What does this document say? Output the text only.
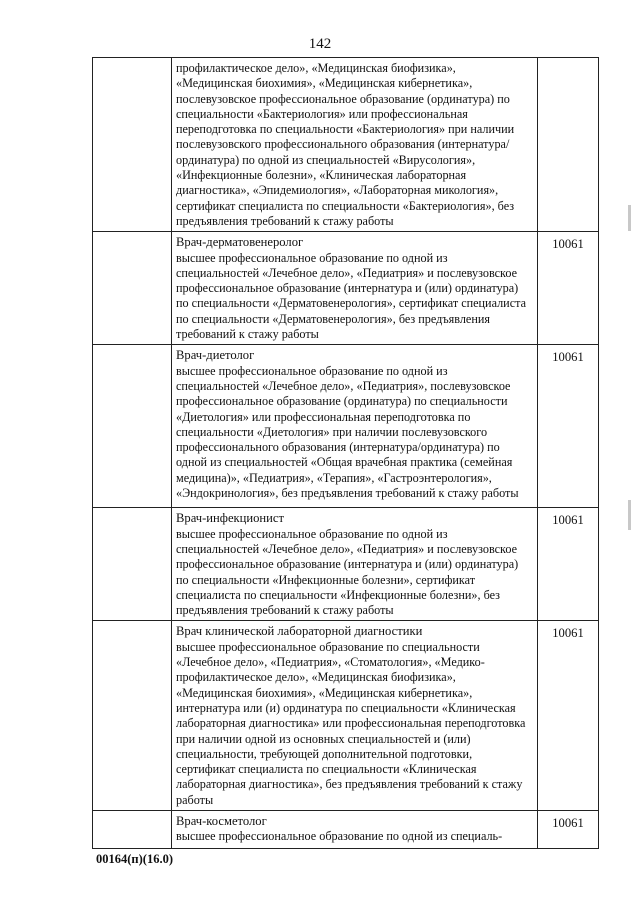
142

	профилактическое дело», «Медицинская биофизика», «Медицинская биохимия», «Медицинская кибернетика», послевузовское профессиональное образование (ординатура) по специальности «Бактериология» или профессиональная переподготовка по специальности «Бактериология» при наличии послевузовского профессионального образования (интернатура/ординатура) по одной из специальностей «Вирусология», «Инфекционные болезни», «Клиническая лабораторная диагностика», «Эпидемиология», «Лабораторная микология», сертификат специалиста по специальности «Бактериология», без предъявления требований к стажу работы	

	Врач-дерматовенеролог
высшее профессиональное образование по одной из специальностей «Лечебное дело», «Педиатрия» и послевузовское профессиональное образование (интернатура и (или) ординатура) по специальности «Дерматовенерология», сертификат специалиста по специальности «Дерматовенерология», без предъявления требований к стажу работы	10061

	Врач-диетолог
высшее профессиональное образование по одной из специальностей «Лечебное дело», «Педиатрия», послевузовское профессиональное образование (ординатура) по специальности «Диетология» или профессиональная переподготовка по специальности «Диетология» при наличии послевузовского профессионального образования (интернатура/ординатура) по одной из специальностей «Общая врачебная практика (семейная медицина)», «Педиатрия», «Терапия», «Гастроэнтерология», «Эндокринология», без предъявления требований к стажу работы	10061

	Врач-инфекционист
высшее профессиональное образование по одной из специальностей «Лечебное дело», «Педиатрия» и послевузовское профессиональное образование (интернатура и (или) ординатура) по специальности «Инфекционные болезни», сертификат специалиста по специальности «Инфекционные болезни», без предъявления требований к стажу работы	10061

	Врач клинической лабораторной диагностики
высшее профессиональное образование по специальности «Лечебное дело», «Педиатрия», «Стоматология», «Медико-профилактическое дело», «Медицинская биофизика», «Медицинская биохимия», «Медицинская кибернетика», интернатура или (и) ординатура по специальности «Клиническая лабораторная диагностика» или профессиональная переподготовка при наличии одной из основных специальностей и (или) специальности, требующей дополнительной подготовки, сертификат специалиста по специальности «Клиническая лабораторная диагностика», без предъявления требований к стажу работы	10061

	Врач-косметолог
высшее профессиональное образование по одной из специаль-	10061
00164(п)(16.0)
